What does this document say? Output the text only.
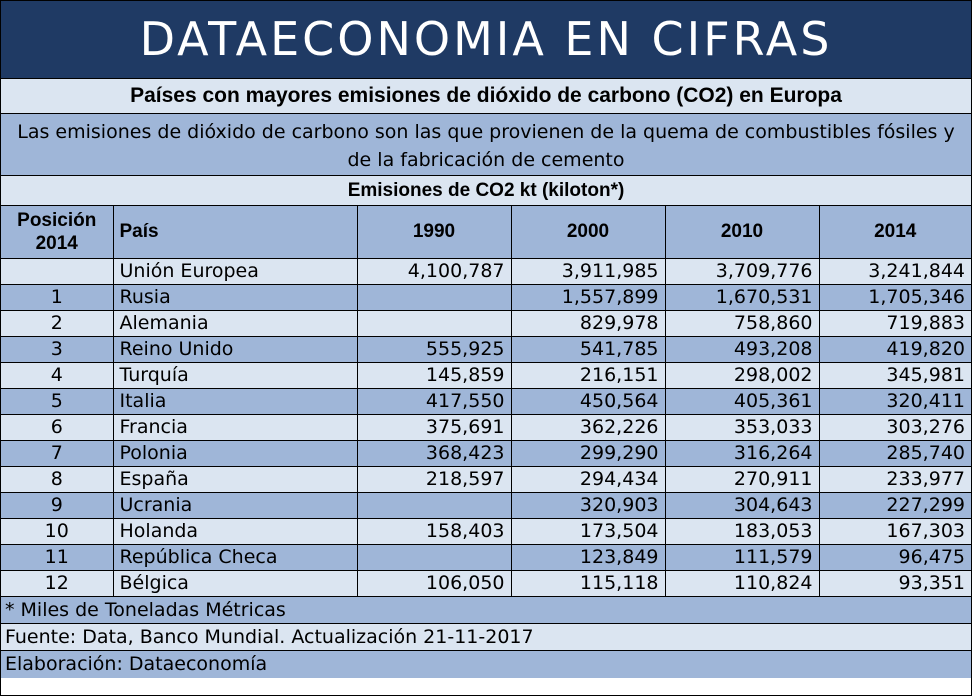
DATAECONOMIA EN CIFRAS
Países con mayores emisiones de dióxido de carbono (CO2) en Europa
Las emisiones de dióxido de carbono son las que provienen de la quema de combustibles fósiles y
de la fabricación de cemento
Emisiones de CO2 kt (kiloton*)
Posición
2014	País	1990	2000	2010	2014
	Unión Europea	4,100,787	3,911,985	3,709,776	3,241,844
1	Rusia		1,557,899	1,670,531	1,705,346
2	Alemania		829,978	758,860	719,883
3	Reino Unido	555,925	541,785	493,208	419,820
4	Turquía	145,859	216,151	298,002	345,981
5	Italia	417,550	450,564	405,361	320,411
6	Francia	375,691	362,226	353,033	303,276
7	Polonia	368,423	299,290	316,264	285,740
8	España	218,597	294,434	270,911	233,977
9	Ucrania		320,903	304,643	227,299
10	Holanda	158,403	173,504	183,053	167,303
11	República Checa		123,849	111,579	96,475
12	Bélgica	106,050	115,118	110,824	93,351
* Miles de Toneladas Métricas
Fuente: Data, Banco Mundial. Actualización 21-11-2017
Elaboración: Dataeconomía
